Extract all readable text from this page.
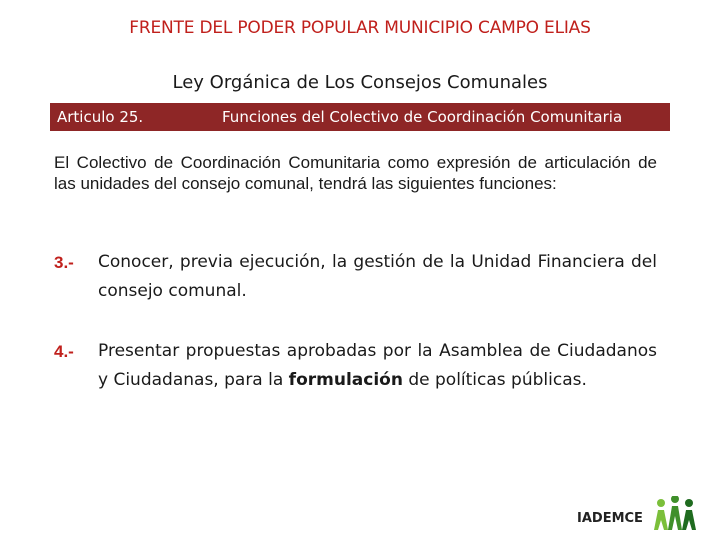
FRENTE DEL PODER POPULAR MUNICIPIO CAMPO ELIAS
Ley Orgánica de Los Consejos Comunales
Articulo 25.	Funciones del Colectivo de Coordinación Comunitaria
El Colectivo de Coordinación Comunitaria como expresión de articulación de las unidades del consejo comunal, tendrá las siguientes funciones:
3.- Conocer, previa ejecución, la gestión de la Unidad Financiera del consejo comunal.
4.- Presentar propuestas aprobadas por la Asamblea de Ciudadanos y Ciudadanas, para la formulación de políticas públicas.
IADEMCE
